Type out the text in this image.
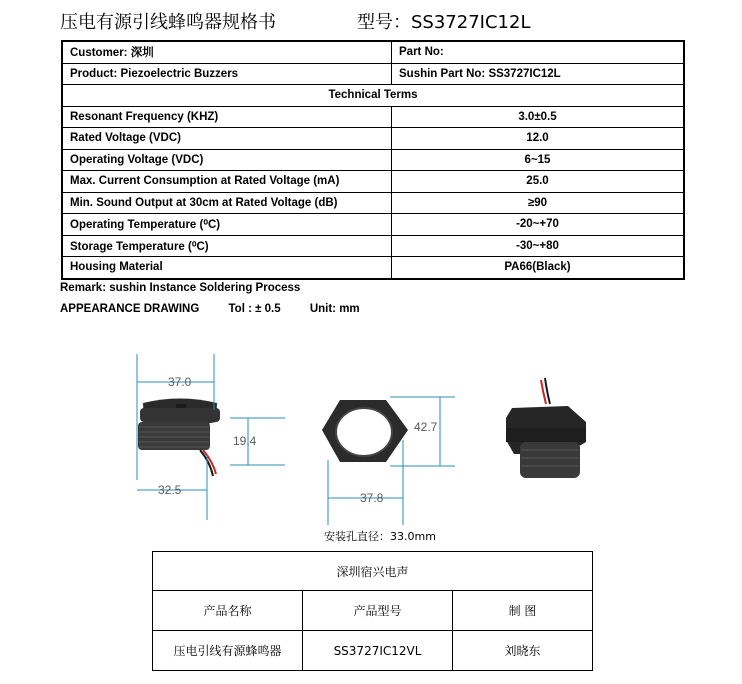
压电有源引线蜂鸣器规格书	型号：SS3727IC12L
Customer: 深圳	Part No:
Product: Piezoelectric Buzzers	Sushin Part No: SS3727IC12L
Technical Terms	
Resonant Frequency (KHZ)	3.0±0.5
Rated Voltage (VDC)	12.0
Operating Voltage (VDC)	6~15
Max. Current Consumption at Rated Voltage (mA)	25.0
Min. Sound Output at 30cm at Rated Voltage (dB)	≥90
Operating Temperature (⁰C)	-20~+70
Storage Temperature (⁰C)	-30~+80
Housing Material	PA66(Black)
Remark: sushin Instance Soldering Process
APPEARANCE DRAWING	Tol : ± 0.5	Unit: mm
37.0
19.4
32.5
42.7
37.8
安装孔直径：33.0mm
深圳宿兴电声		
产品名称	产品型号	制 图
压电引线有源蜂鸣器	SS3727IC12VL	刘晓东
